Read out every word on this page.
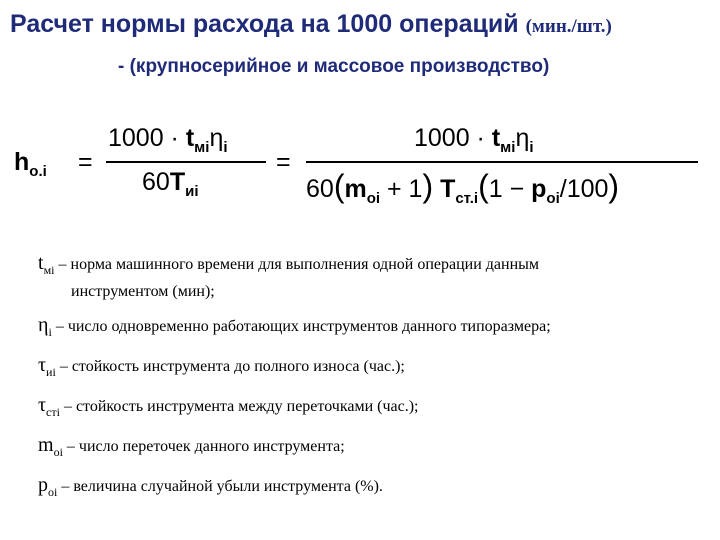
Расчет нормы расхода на 1000 операций (мин./шт.)
- (крупносерийное и массовое производство)
$h_{o.i}$ =
$1000 \cdot t_{мi}\eta_i$
$60T_{иi}$
=
$1000 \cdot t_{мi}\eta_i$
$60(m_{oi} + 1) T_{ст.i}(1 - p_{oi}/100)$
$t_{мi}$ – норма машинного времени для выполнения одной операции данным
инструментом (мин);
$\eta_i$ – число одновременно работающих инструментов данного типоразмера;
$\tau_{иi}$ – стойкость инструмента до полного износа (час.);
$\tau_{стi}$ – стойкость инструмента между переточками (час.);
$m_{oi}$ – число переточек данного инструмента;
$p_{oi}$ – величина случайной убыли инструмента (%).
